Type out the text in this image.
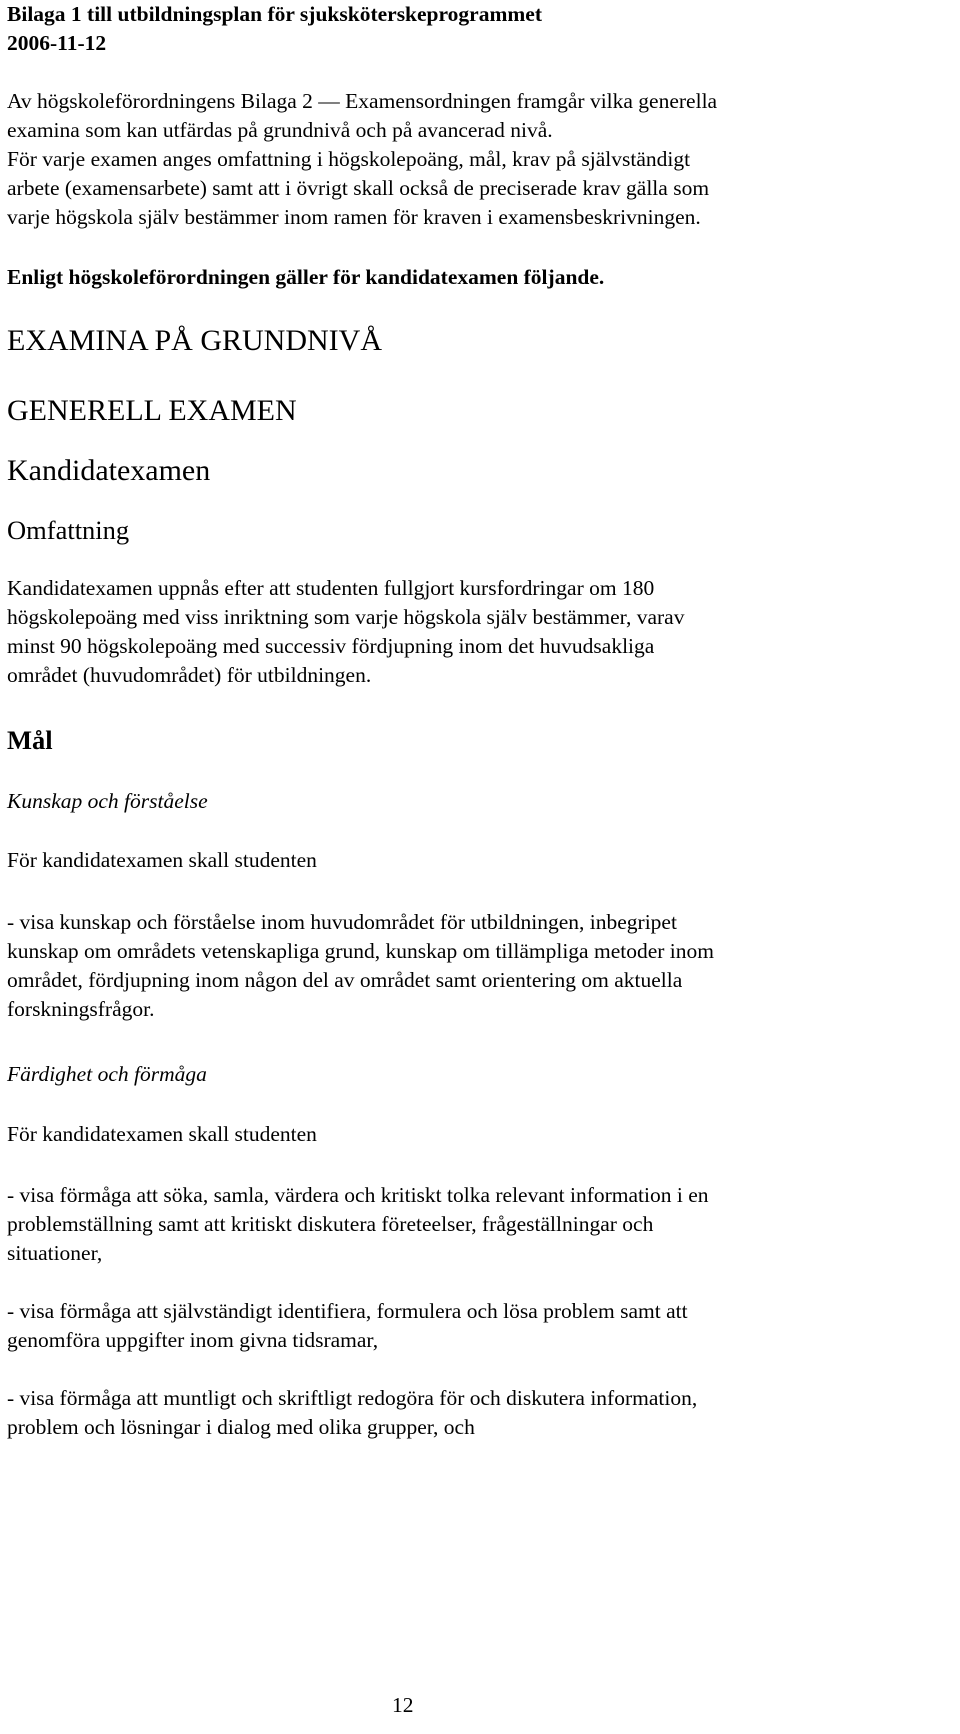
Bilaga 1 till utbildningsplan för sjuksköterskeprogrammet
2006-11-12
Av högskoleförordningens Bilaga 2 — Examensordningen framgår vilka generella
examina som kan utfärdas på grundnivå och på avancerad nivå.
För varje examen anges omfattning i högskolepoäng, mål, krav på självständigt
arbete (examensarbete) samt att i övrigt skall också de preciserade krav gälla som
varje högskola själv bestämmer inom ramen för kraven i examensbeskrivningen.
Enligt högskoleförordningen gäller för kandidatexamen följande.
EXAMINA PÅ GRUNDNIVÅ
GENERELL EXAMEN
Kandidatexamen
Omfattning
Kandidatexamen uppnås efter att studenten fullgjort kursfordringar om 180
högskolepoäng med viss inriktning som varje högskola själv bestämmer, varav
minst 90 högskolepoäng med successiv fördjupning inom det huvudsakliga
området (huvudområdet) för utbildningen.
Mål
Kunskap och förståelse
För kandidatexamen skall studenten
- visa kunskap och förståelse inom huvudområdet för utbildningen, inbegripet
kunskap om områdets vetenskapliga grund, kunskap om tillämpliga metoder inom
området, fördjupning inom någon del av området samt orientering om aktuella
forskningsfrågor.
Färdighet och förmåga
För kandidatexamen skall studenten
- visa förmåga att söka, samla, värdera och kritiskt tolka relevant information i en
problemställning samt att kritiskt diskutera företeelser, frågeställningar och
situationer,
- visa förmåga att självständigt identifiera, formulera och lösa problem samt att
genomföra uppgifter inom givna tidsramar,
- visa förmåga att muntligt och skriftligt redogöra för och diskutera information,
problem och lösningar i dialog med olika grupper, och
12
